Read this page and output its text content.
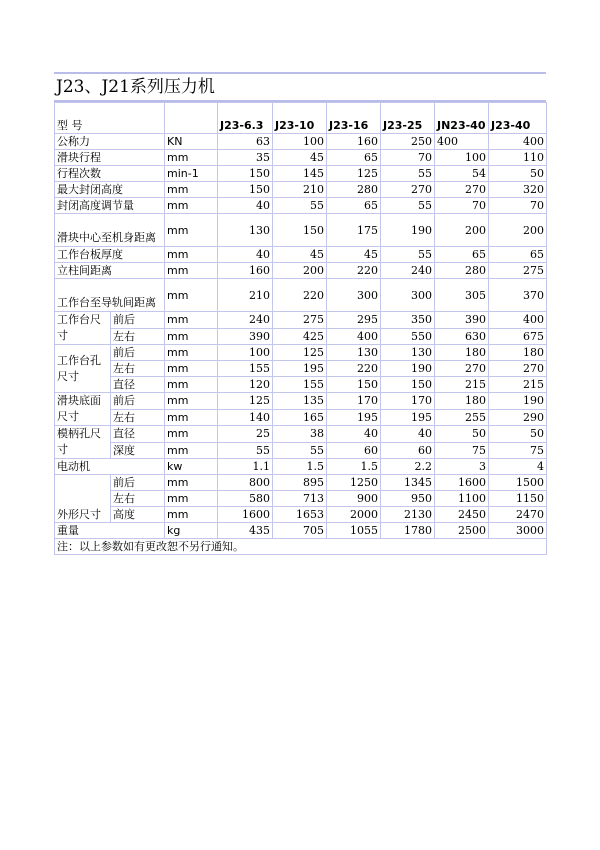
J23、J21系列压力机
型 号			J23-6.3	J23-10	J23-16	J23-25	JN23-40	J23-40
公称力		KN	63	100	160	250	400	400
滑块行程		mm	35	45	65	70	100	110
行程次数		min-1	150	145	125	55	54	50
最大封闭高度		mm	150	210	280	270	270	320
封闭高度调节量		mm	40	55	65	55	70	70
滑块中心至机身距离		mm	130	150	175	190	200	200
工作台板厚度		mm	40	45	45	55	65	65
立柱间距离		mm	160	200	220	240	280	275
工作台至导轨间距离		mm	210	220	300	300	305	370
工作台尺寸	前后	mm	240	275	295	350	390	400
	左右	mm	390	425	400	550	630	675
工作台孔尺寸	前后	mm	100	125	130	130	180	180
	左右	mm	155	195	220	190	270	270
	直径	mm	120	155	150	150	215	215
滑块底面尺寸	前后	mm	125	135	170	170	180	190
	左右	mm	140	165	195	195	255	290
模柄孔尺寸	直径	mm	25	38	40	40	50	50
	深度	mm	55	55	60	60	75	75
电动机		kw	1.1	1.5	1.5	2.2	3	4
外形尺寸	前后	mm	800	895	1250	1345	1600	1500
	左右	mm	580	713	900	950	1100	1150
	高度	mm	1600	1653	2000	2130	2450	2470
重量		kg	435	705	1055	1780	2500	3000
注：以上参数如有更改恕不另行通知。								
